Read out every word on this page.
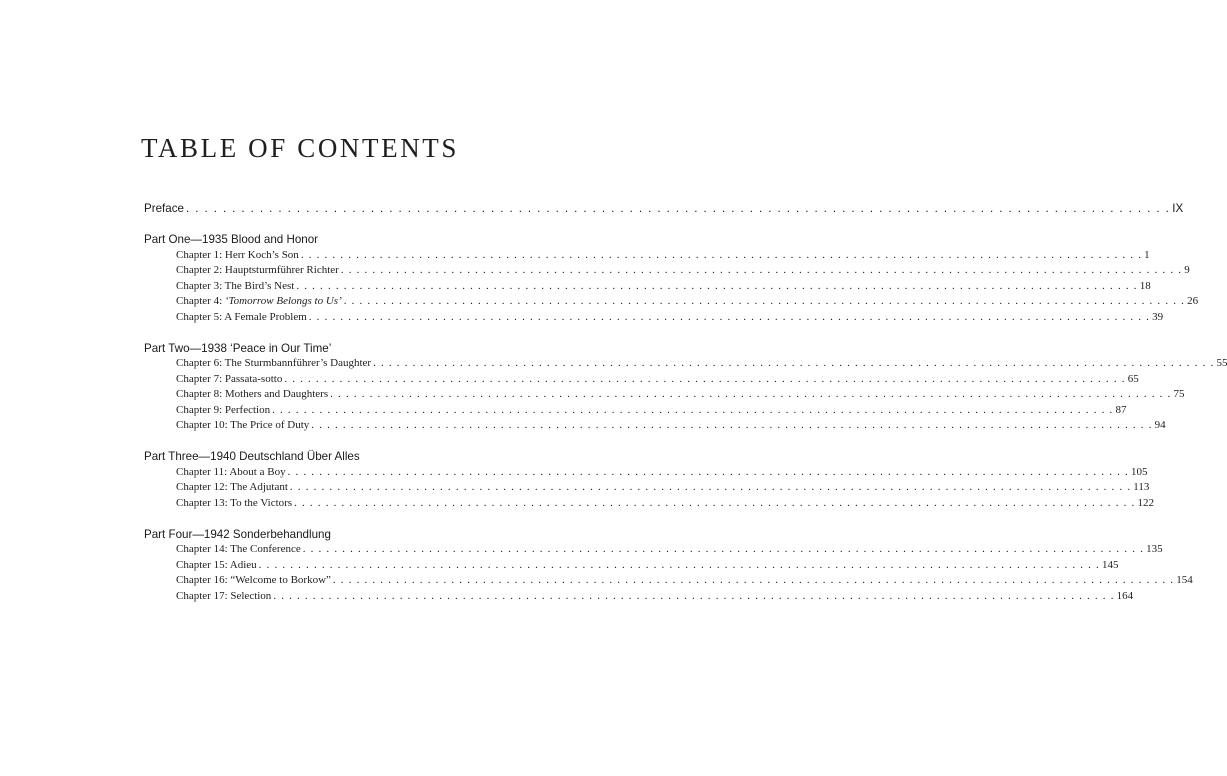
TABLE OF CONTENTS
Preface . . . . . . . . . . . . . . . . . . . . . . . . . . . . . . . . . . . . . . . . . . . . . . . . . . . . . . . . . . . . . . . . . . . . . . . . . . . . . . . . . . . . . . . . . . . . . . . . . . . . . . . . . . . IX
Part One—1935 Blood and Honor
Chapter 1: Herr Koch’s Son . . . . . . . . . . . . . . . . . . . . . . . . . . . . . . . . . . . . . . . . . . . . . . . . . . . . . . . . . . . . . . . . . . . . . . . . . . . . . . . . . . . . . . . . . . . . . . . . . . . . . . . . . . . 1
Chapter 2: Hauptsturmführer Richter . . . . . . . . . . . . . . . . . . . . . . . . . . . . . . . . . . . . . . . . . . . . . . . . . . . . . . . . . . . . . . . . . . . . . . . . . . . . . . . . . . . . . . . . . . . . . . . . . . . . . . . . . . . 9
Chapter 3: The Bird’s Nest . . . . . . . . . . . . . . . . . . . . . . . . . . . . . . . . . . . . . . . . . . . . . . . . . . . . . . . . . . . . . . . . . . . . . . . . . . . . . . . . . . . . . . . . . . . . . . . . . . . . . . . . . . . 18
Chapter 4: ‘Tomorrow Belongs to Us’ . . . . . . . . . . . . . . . . . . . . . . . . . . . . . . . . . . . . . . . . . . . . . . . . . . . . . . . . . . . . . . . . . . . . . . . . . . . . . . . . . . . . . . . . . . . . . . . . . . . . . . . . . . . 26
Chapter 5: A Female Problem . . . . . . . . . . . . . . . . . . . . . . . . . . . . . . . . . . . . . . . . . . . . . . . . . . . . . . . . . . . . . . . . . . . . . . . . . . . . . . . . . . . . . . . . . . . . . . . . . . . . . . . . . . . 39
Part Two—1938 ‘Peace in Our Time’
Chapter 6: The Sturmbannführer’s Daughter . . . . . . . . . . . . . . . . . . . . . . . . . . . . . . . . . . . . . . . . . . . . . . . . . . . . . . . . . . . . . . . . . . . . . . . . . . . . . . . . . . . . . . . . . . . . . . . . . . . . . . . . . . . 55
Chapter 7: Passata-sotto . . . . . . . . . . . . . . . . . . . . . . . . . . . . . . . . . . . . . . . . . . . . . . . . . . . . . . . . . . . . . . . . . . . . . . . . . . . . . . . . . . . . . . . . . . . . . . . . . . . . . . . . . . . 65
Chapter 8: Mothers and Daughters . . . . . . . . . . . . . . . . . . . . . . . . . . . . . . . . . . . . . . . . . . . . . . . . . . . . . . . . . . . . . . . . . . . . . . . . . . . . . . . . . . . . . . . . . . . . . . . . . . . . . . . . . . . 75
Chapter 9: Perfection . . . . . . . . . . . . . . . . . . . . . . . . . . . . . . . . . . . . . . . . . . . . . . . . . . . . . . . . . . . . . . . . . . . . . . . . . . . . . . . . . . . . . . . . . . . . . . . . . . . . . . . . . . . 87
Chapter 10: The Price of Duty . . . . . . . . . . . . . . . . . . . . . . . . . . . . . . . . . . . . . . . . . . . . . . . . . . . . . . . . . . . . . . . . . . . . . . . . . . . . . . . . . . . . . . . . . . . . . . . . . . . . . . . . . . . 94
Part Three—1940 Deutschland Über Alles
Chapter 11: About a Boy . . . . . . . . . . . . . . . . . . . . . . . . . . . . . . . . . . . . . . . . . . . . . . . . . . . . . . . . . . . . . . . . . . . . . . . . . . . . . . . . . . . . . . . . . . . . . . . . . . . . . . . . . . . 105
Chapter 12: The Adjutant . . . . . . . . . . . . . . . . . . . . . . . . . . . . . . . . . . . . . . . . . . . . . . . . . . . . . . . . . . . . . . . . . . . . . . . . . . . . . . . . . . . . . . . . . . . . . . . . . . . . . . . . . . . 113
Chapter 13: To the Victors . . . . . . . . . . . . . . . . . . . . . . . . . . . . . . . . . . . . . . . . . . . . . . . . . . . . . . . . . . . . . . . . . . . . . . . . . . . . . . . . . . . . . . . . . . . . . . . . . . . . . . . . . . . 122
Part Four—1942 Sonderbehandlung
Chapter 14: The Conference . . . . . . . . . . . . . . . . . . . . . . . . . . . . . . . . . . . . . . . . . . . . . . . . . . . . . . . . . . . . . . . . . . . . . . . . . . . . . . . . . . . . . . . . . . . . . . . . . . . . . . . . . . . 135
Chapter 15: Adieu . . . . . . . . . . . . . . . . . . . . . . . . . . . . . . . . . . . . . . . . . . . . . . . . . . . . . . . . . . . . . . . . . . . . . . . . . . . . . . . . . . . . . . . . . . . . . . . . . . . . . . . . . . . 145
Chapter 16: “Welcome to Borkow” . . . . . . . . . . . . . . . . . . . . . . . . . . . . . . . . . . . . . . . . . . . . . . . . . . . . . . . . . . . . . . . . . . . . . . . . . . . . . . . . . . . . . . . . . . . . . . . . . . . . . . . . . . . 154
Chapter 17: Selection . . . . . . . . . . . . . . . . . . . . . . . . . . . . . . . . . . . . . . . . . . . . . . . . . . . . . . . . . . . . . . . . . . . . . . . . . . . . . . . . . . . . . . . . . . . . . . . . . . . . . . . . . . . 164
